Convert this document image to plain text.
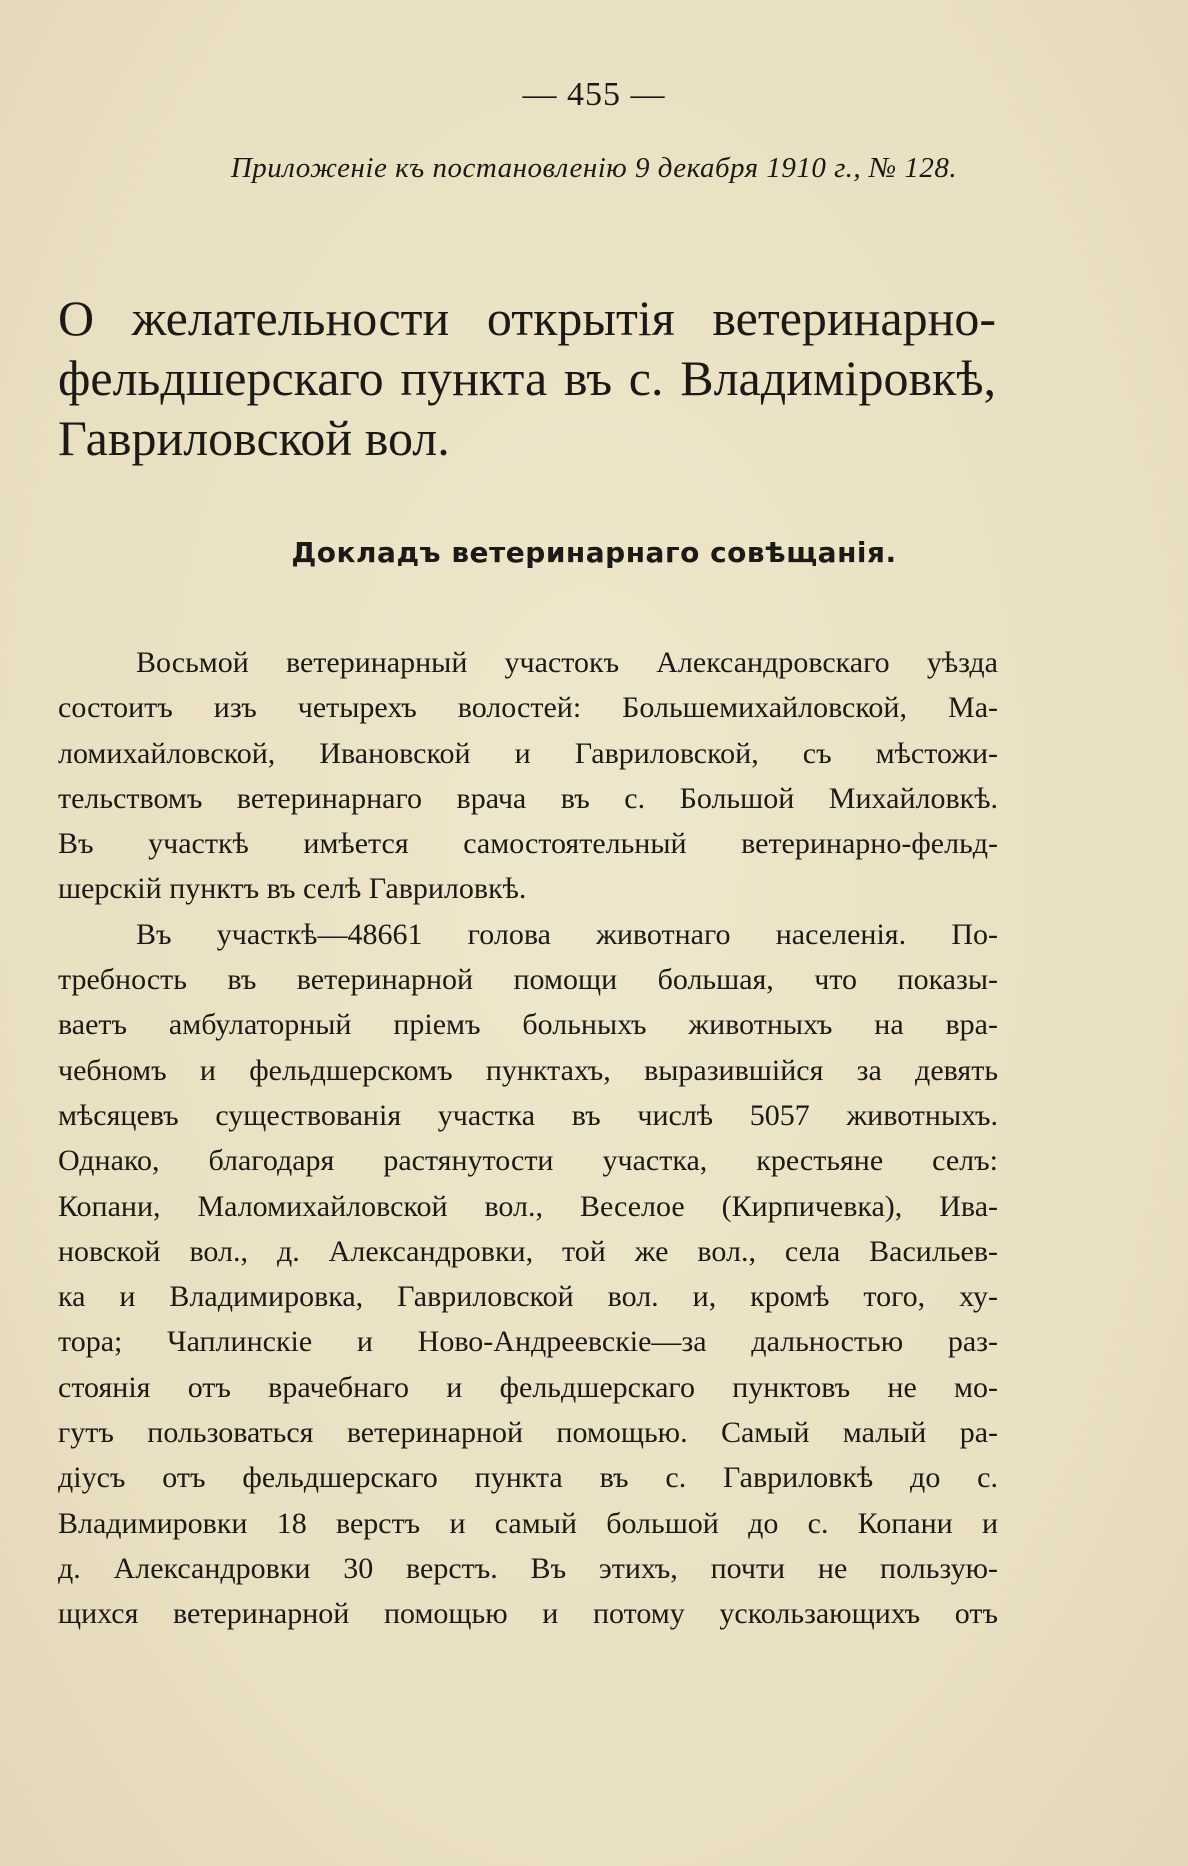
— 455 —
Приложеніе къ постановленію 9 декабря 1910 г., № 128.
О желательности открытія ветеринарно-
фельдшерскаго пункта въ с. Владиміровкѣ,
Гавриловской вол.
Докладъ ветеринарнаго совѣщанія.
Восьмой ветеринарный участокъ Александровскаго уѣзда
состоитъ изъ четырехъ волостей: Большемихайловской, Ма-
ломихайловской, Ивановской и Гавриловской, съ мѣстожи-
тельствомъ ветеринарнаго врача въ с. Большой Михайловкѣ.
Въ участкѣ имѣется самостоятельный ветеринарно-фельд-
шерскій пунктъ въ селѣ Гавриловкѣ.
Въ участкѣ—48661 голова животнаго населенія. По-
требность въ ветеринарной помощи большая, что показы-
ваетъ амбулаторный пріемъ больныхъ животныхъ на вра-
чебномъ и фельдшерскомъ пунктахъ, выразившійся за девять
мѣсяцевъ существованія участка въ числѣ 5057 животныхъ.
Однако, благодаря растянутости участка, крестьяне селъ:
Копани, Маломихайловской вол., Веселое (Кирпичевка), Ива-
новской вол., д. Александровки, той же вол., села Васильев-
ка и Владимировка, Гавриловской вол. и, кромѣ того, ху-
тора; Чаплинскіе и Ново-Андреевскіе—за дальностью раз-
стоянія отъ врачебнаго и фельдшерскаго пунктовъ не мо-
гутъ пользоваться ветеринарной помощью. Самый малый ра-
діусъ отъ фельдшерскаго пункта въ с. Гавриловкѣ до с.
Владимировки 18 верстъ и самый большой до с. Копани и
д. Александровки 30 верстъ. Въ этихъ, почти не пользую-
щихся ветеринарной помощью и потому ускользающихъ отъ
